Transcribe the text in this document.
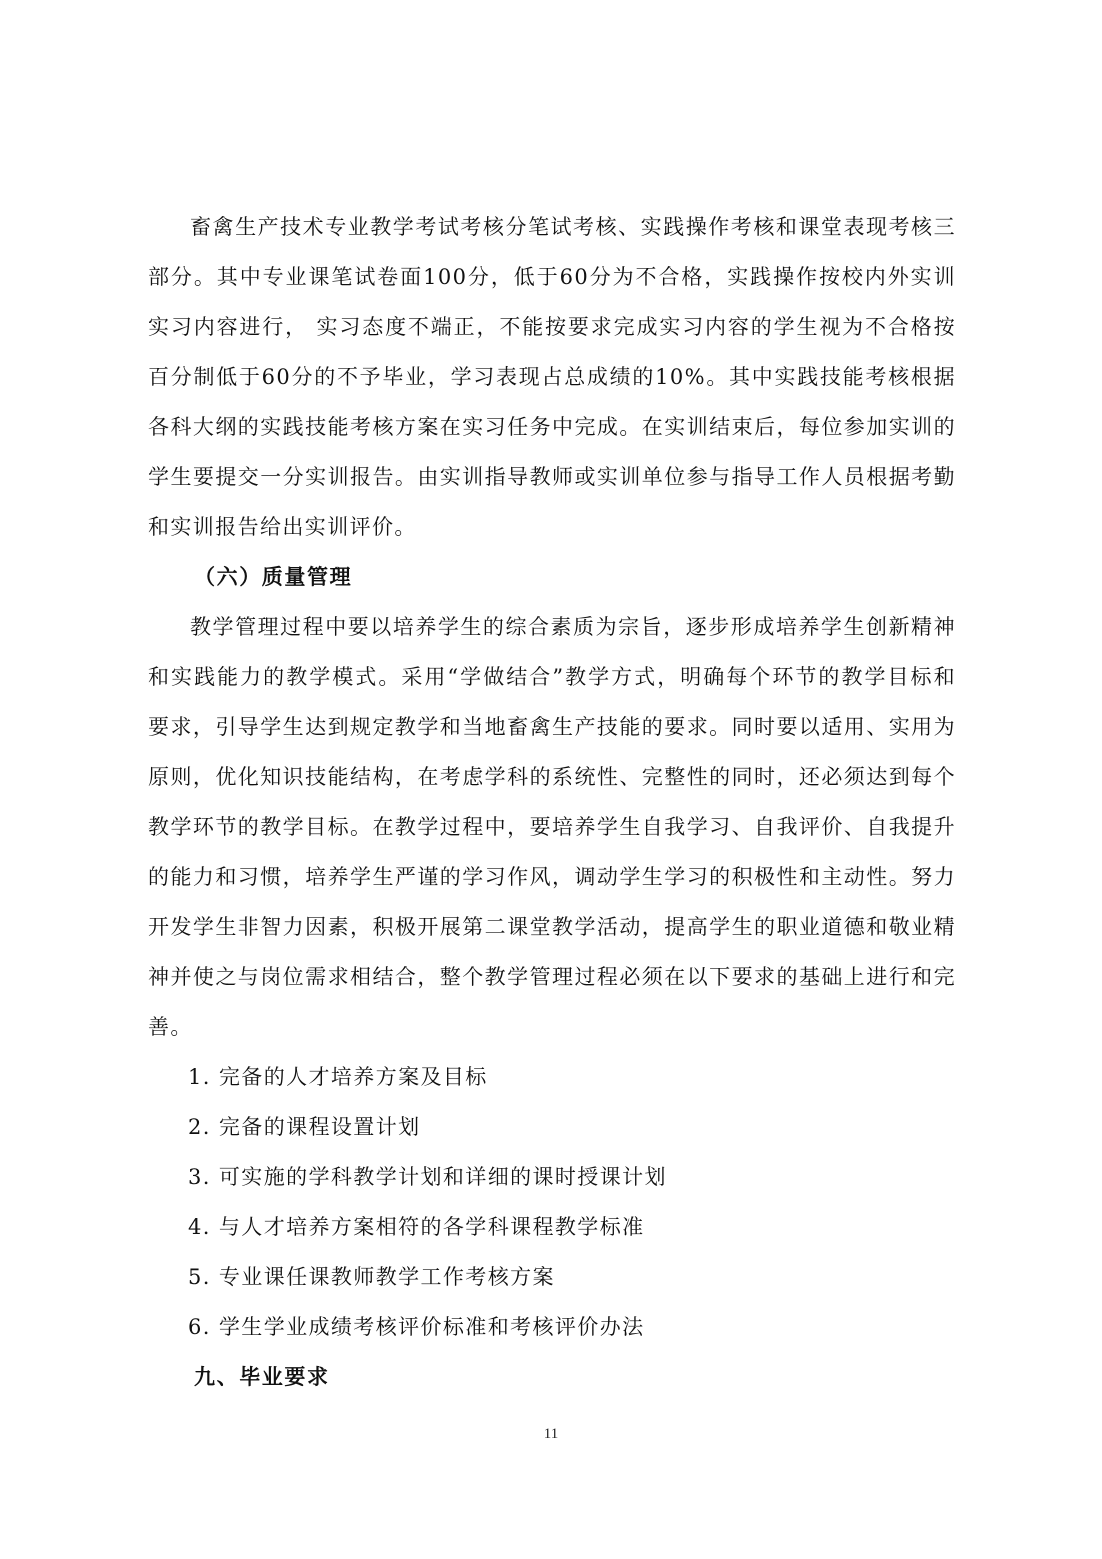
畜禽生产技术专业教学考试考核分笔试考核、实践操作考核和课堂表现考核三部分。其中专业课笔试卷面100分，低于60分为不合格，实践操作按校内外实训实习内容进行， 实习态度不端正，不能按要求完成实习内容的学生视为不合格按百分制低于60分的不予毕业，学习表现占总成绩的10%。其中实践技能考核根据各科大纲的实践技能考核方案在实习任务中完成。在实训结束后，每位参加实训的学生要提交一分实训报告。由实训指导教师或实训单位参与指导工作人员根据考勤和实训报告给出实训评价。

（六）质量管理

教学管理过程中要以培养学生的综合素质为宗旨，逐步形成培养学生创新精神和实践能力的教学模式。采用“学做结合”教学方式，明确每个环节的教学目标和要求，引导学生达到规定教学和当地畜禽生产技能的要求。同时要以适用、实用为原则，优化知识技能结构，在考虑学科的系统性、完整性的同时，还必须达到每个教学环节的教学目标。在教学过程中，要培养学生自我学习、自我评价、自我提升的能力和习惯，培养学生严谨的学习作风，调动学生学习的积极性和主动性。努力开发学生非智力因素，积极开展第二课堂教学活动，提高学生的职业道德和敬业精神并使之与岗位需求相结合，整个教学管理过程必须在以下要求的基础上进行和完善。

1. 完备的人才培养方案及目标
2. 完备的课程设置计划
3. 可实施的学科教学计划和详细的课时授课计划
4. 与人才培养方案相符的各学科课程教学标准
5. 专业课任课教师教学工作考核方案
6. 学生学业成绩考核评价标准和考核评价办法
九、毕业要求
11
